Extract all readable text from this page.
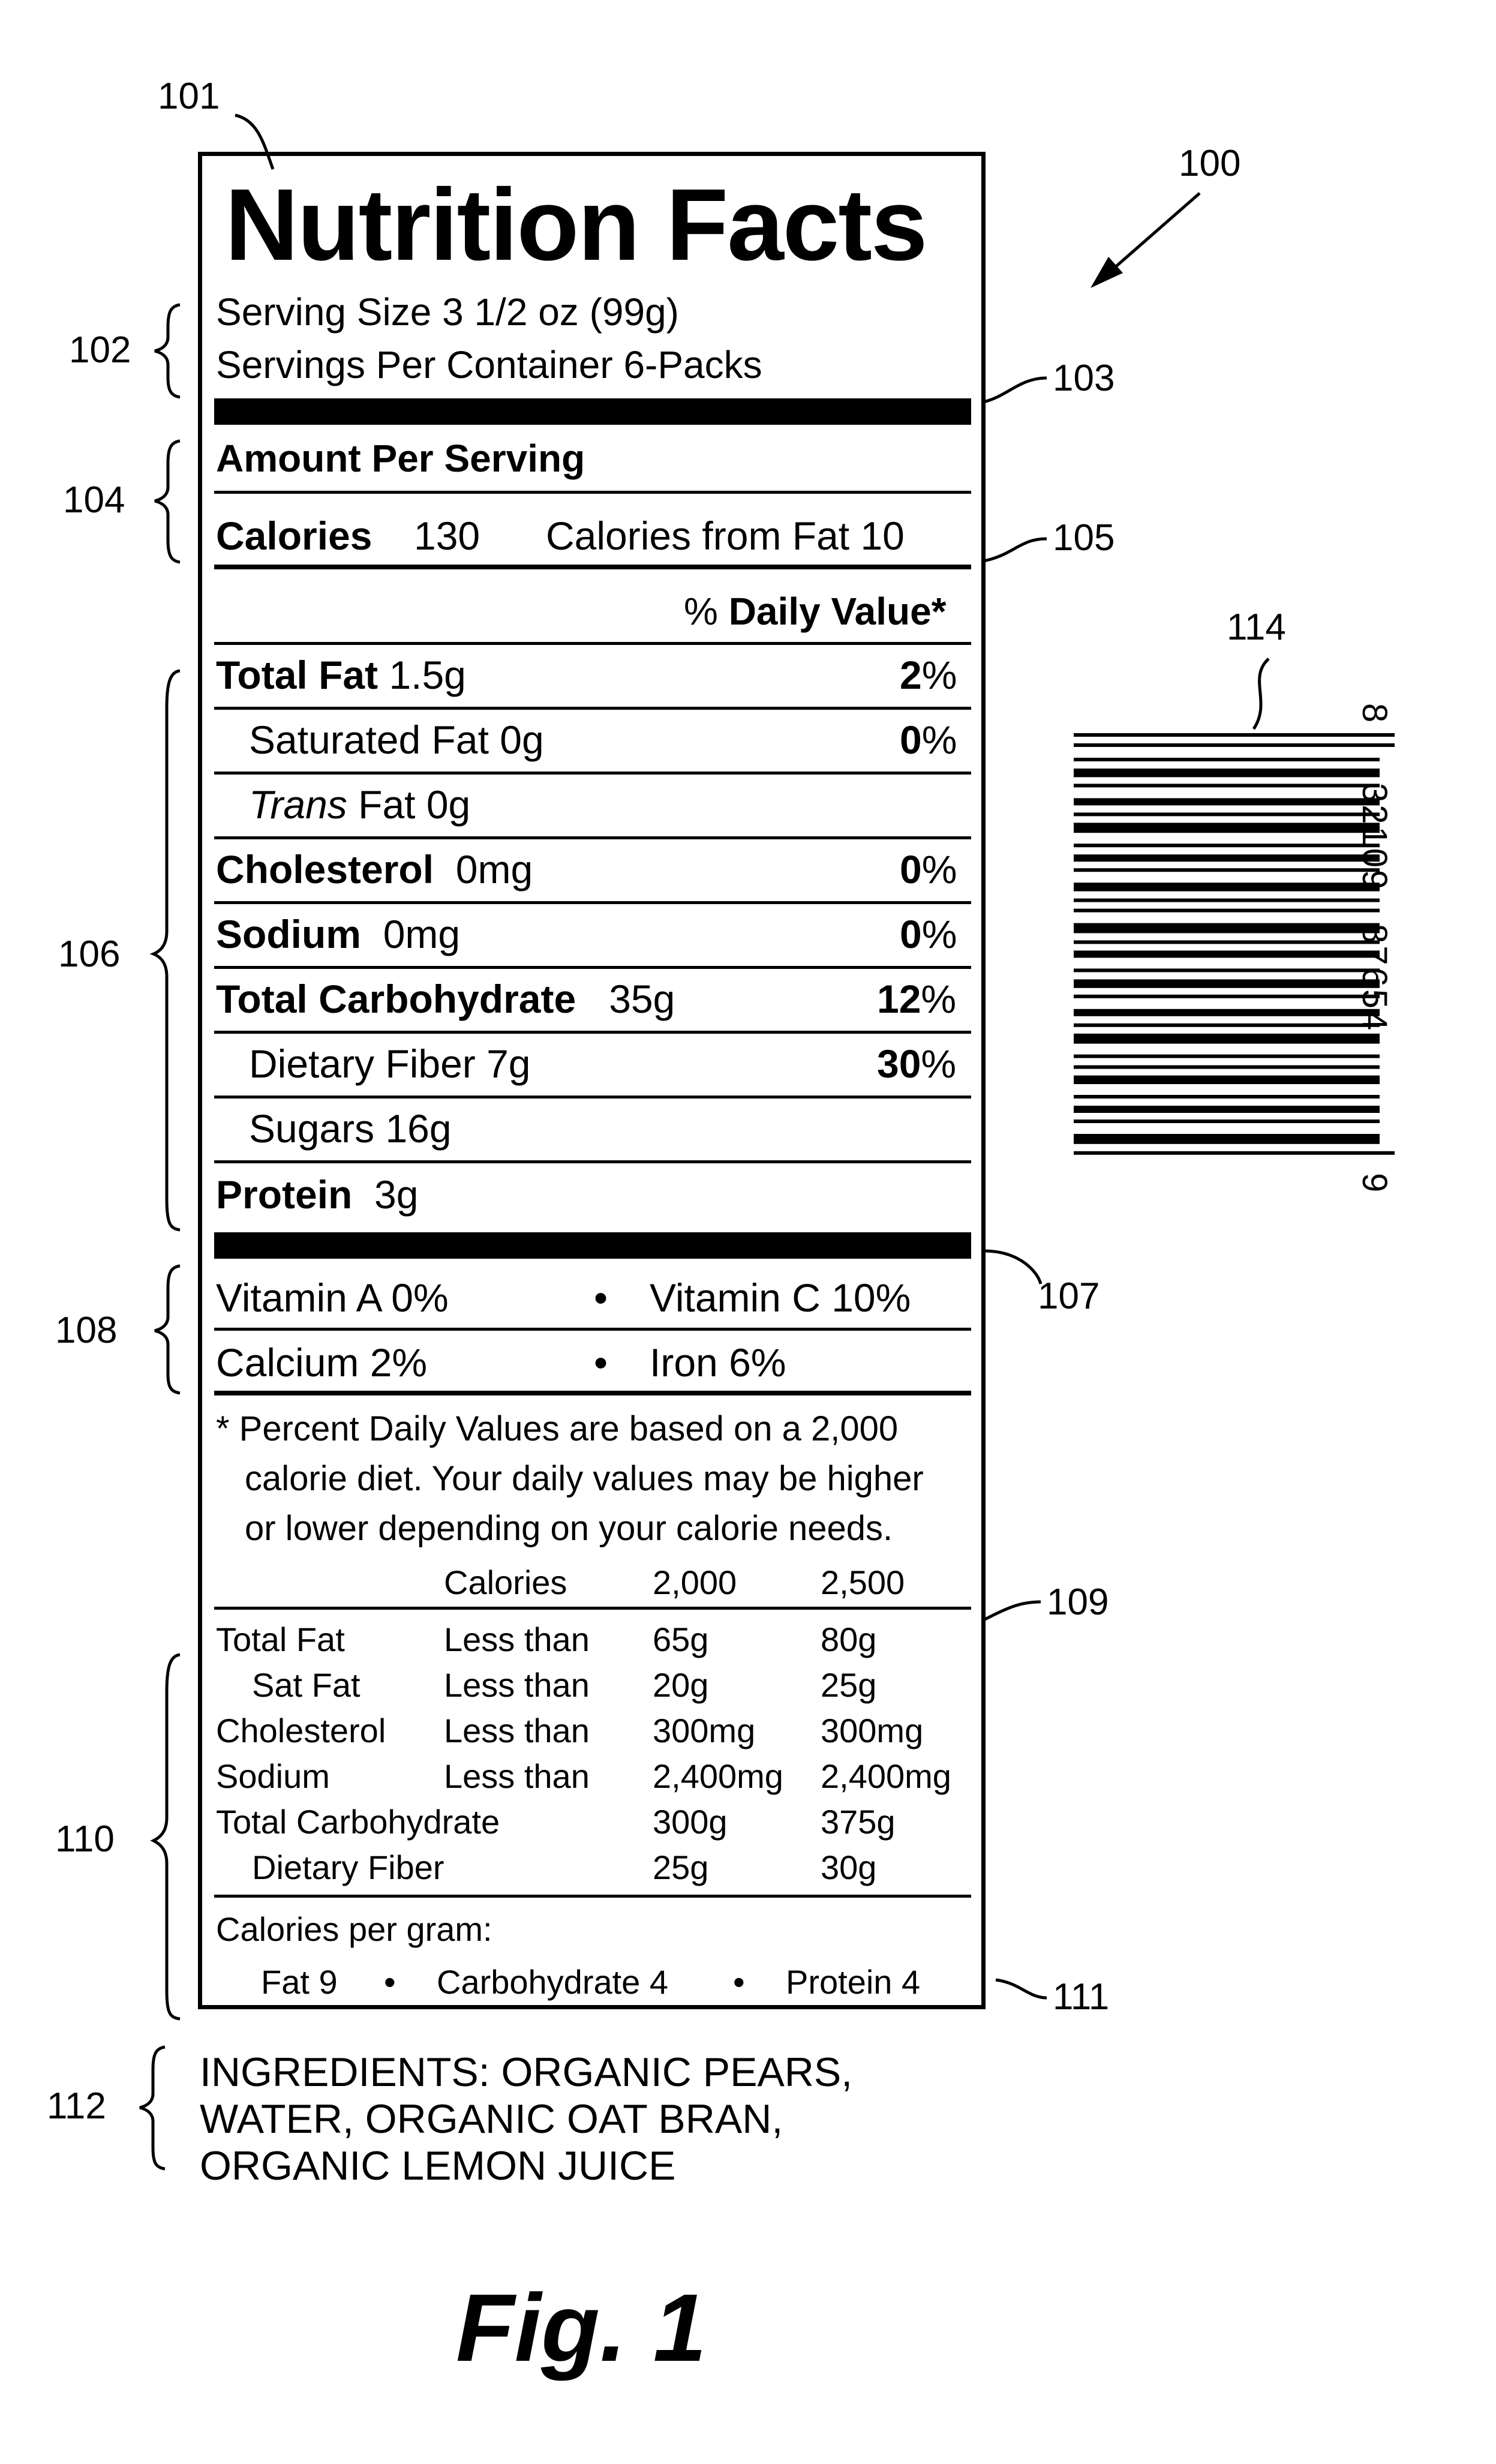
101
100
102
103
104
105
114
106
107
108
109
110
111
112
Nutrition Facts
Serving Size 3 1/2 oz (99g)
Servings Per Container 6-Packs
Amount Per Serving
Calories 130 Calories from Fat 10
% Daily Value*
Total Fat 1.5g	2%
Saturated Fat 0g	0%
Trans Fat 0g
Cholesterol 0mg	0%
Sodium 0mg	0%
Total Carbohydrate 35g	12%
Dietary Fiber 7g	30%
Sugars 16g
Protein 3g
Vitamin A 0%	• Vitamin C 10%
Calcium 2%	• Iron 6%
* Percent Daily Values are based on a 2,000
calorie diet. Your daily values may be higher
or lower depending on your calorie needs.
Calories	2,000 2,500
Total Fat	Less than 65g	80g
Sat Fat Less than 20g	25g
Cholesterol Less than 300mg 300mg
Sodium	Less than 2,400mg 2,400mg
Total Carbohydrate	300g	375g
Dietary Fiber	25g	30g
Calories per gram:
Fat 9 • Carbohydrate 4 • Protein 4
INGREDIENTS: ORGANIC PEARS,
WATER, ORGANIC OAT BRAN,
ORGANIC LEMON JUICE
9
87654
32109
8
Fig. 1
